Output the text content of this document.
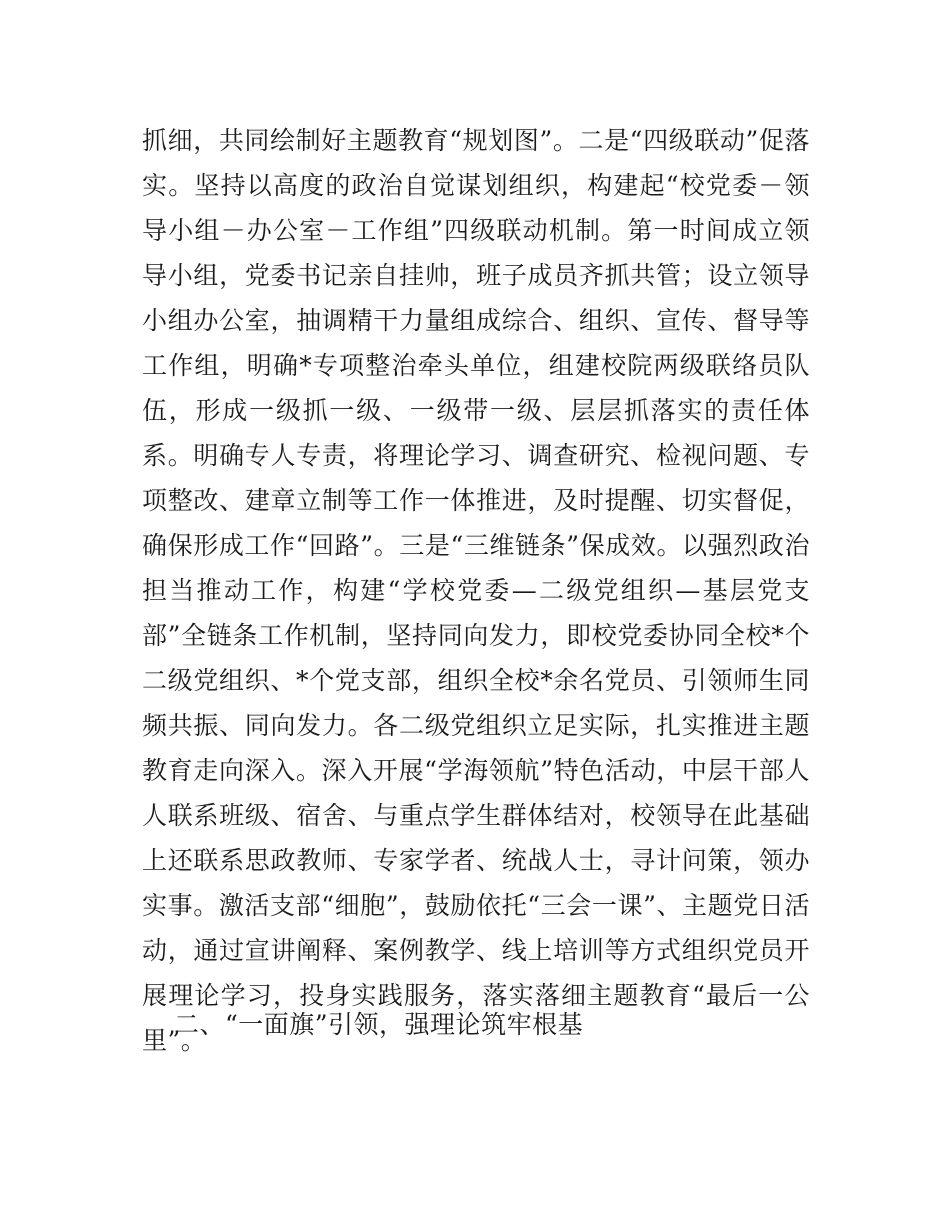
抓细，共同绘制好主题教育“规划图”。二是“四级联动”促落实。坚持以高度的政治自觉谋划组织，构建起“校党委－领导小组－办公室－工作组”四级联动机制。第一时间成立领导小组，党委书记亲自挂帅，班子成员齐抓共管；设立领导小组办公室，抽调精干力量组成综合、组织、宣传、督导等工作组，明确*专项整治牵头单位，组建校院两级联络员队伍，形成一级抓一级、一级带一级、层层抓落实的责任体系。明确专人专责，将理论学习、调查研究、检视问题、专项整改、建章立制等工作一体推进，及时提醒、切实督促，确保形成工作“回路”。三是“三维链条”保成效。以强烈政治担当推动工作，构建“学校党委—二级党组织—基层党支部”全链条工作机制，坚持同向发力，即校党委协同全校*个二级党组织、*个党支部，组织全校*余名党员、引领师生同频共振、同向发力。各二级党组织立足实际，扎实推进主题教育走向深入。深入开展“学海领航”特色活动，中层干部人人联系班级、宿舍、与重点学生群体结对，校领导在此基础上还联系思政教师、专家学者、统战人士，寻计问策，领办实事。激活支部“细胞”，鼓励依托“三会一课”、主题党日活动，通过宣讲阐释、案例教学、线上培训等方式组织党员开展理论学习，投身实践服务，落实落细主题教育“最后一公里”。

二、“一面旗”引领，强理论筑牢根基
